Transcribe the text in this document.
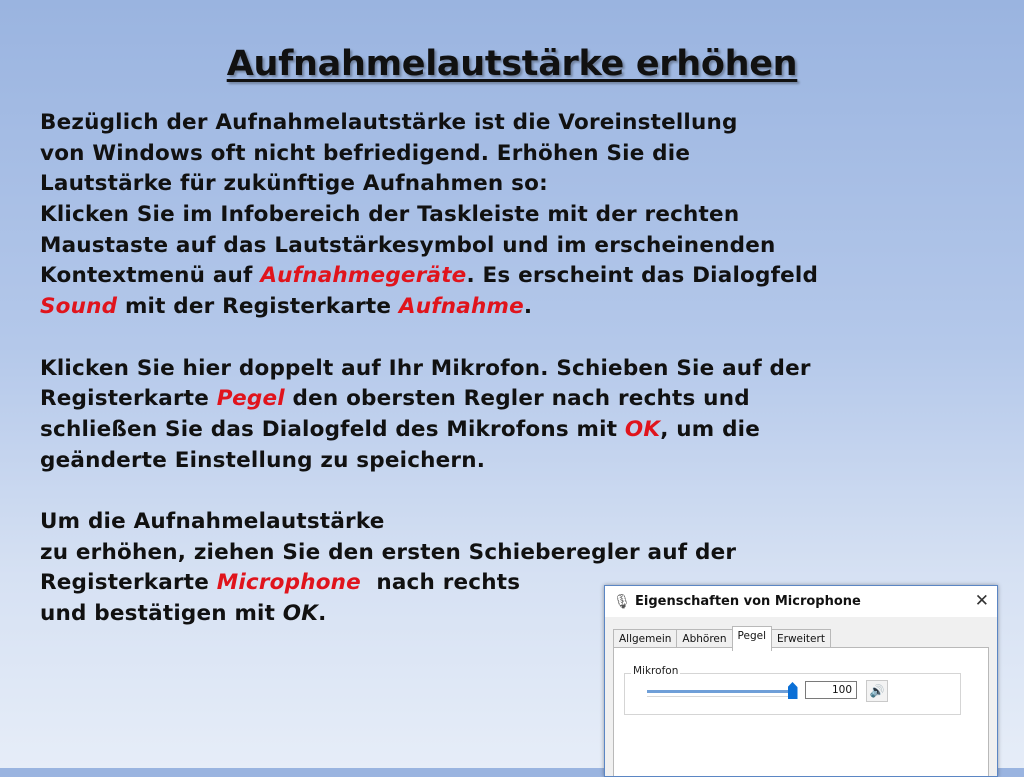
Aufnahmelautstärke erhöhen
Bezüglich der Aufnahmelautstärke ist die Voreinstellung
von Windows oft nicht befriedigend. Erhöhen Sie die
Lautstärke für zukünftige Aufnahmen so:
Klicken Sie im Infobereich der Taskleiste mit der rechten
Maustaste auf das Lautstärkesymbol und im erscheinenden
Kontextmenü auf Aufnahmegeräte. Es erscheint das Dialogfeld
Sound mit der Registerkarte Aufnahme.
Klicken Sie hier doppelt auf Ihr Mikrofon. Schieben Sie auf der
Registerkarte Pegel den obersten Regler nach rechts und
schließen Sie das Dialogfeld des Mikrofons mit OK, um die
geänderte Einstellung zu speichern.
Um die Aufnahmelautstärke
zu erhöhen, ziehen Sie den ersten Schieberegler auf der
Registerkarte Microphone  nach rechts
und bestätigen mit OK.	🎙 Eigenschaften von Microphone	✕
Allgemein	Abhören	Pegel	Erweitert
Mikrofon
100	🔊
